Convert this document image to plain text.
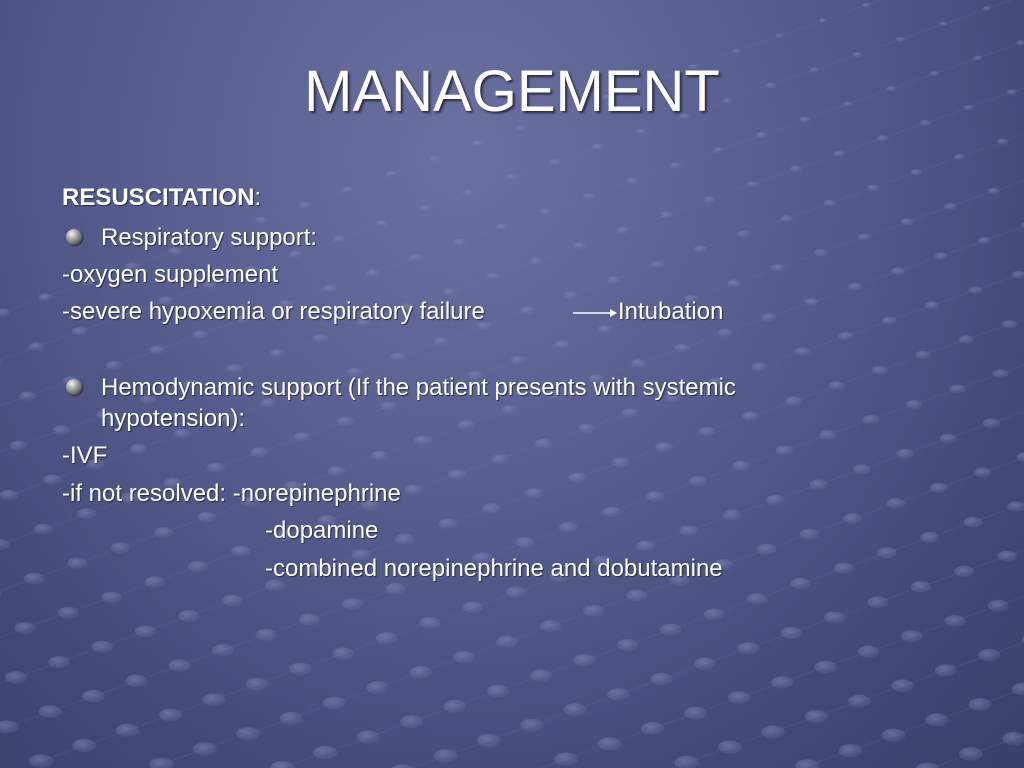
MANAGEMENT
RESUSCITATION:
Respiratory support:
-oxygen supplement
-severe hypoxemia or respiratory failure	Intubation
Hemodynamic support (If the patient presents with systemic
hypotension):
-IVF
-if not resolved: -norepinephrine
-dopamine
-combined norepinephrine and dobutamine
